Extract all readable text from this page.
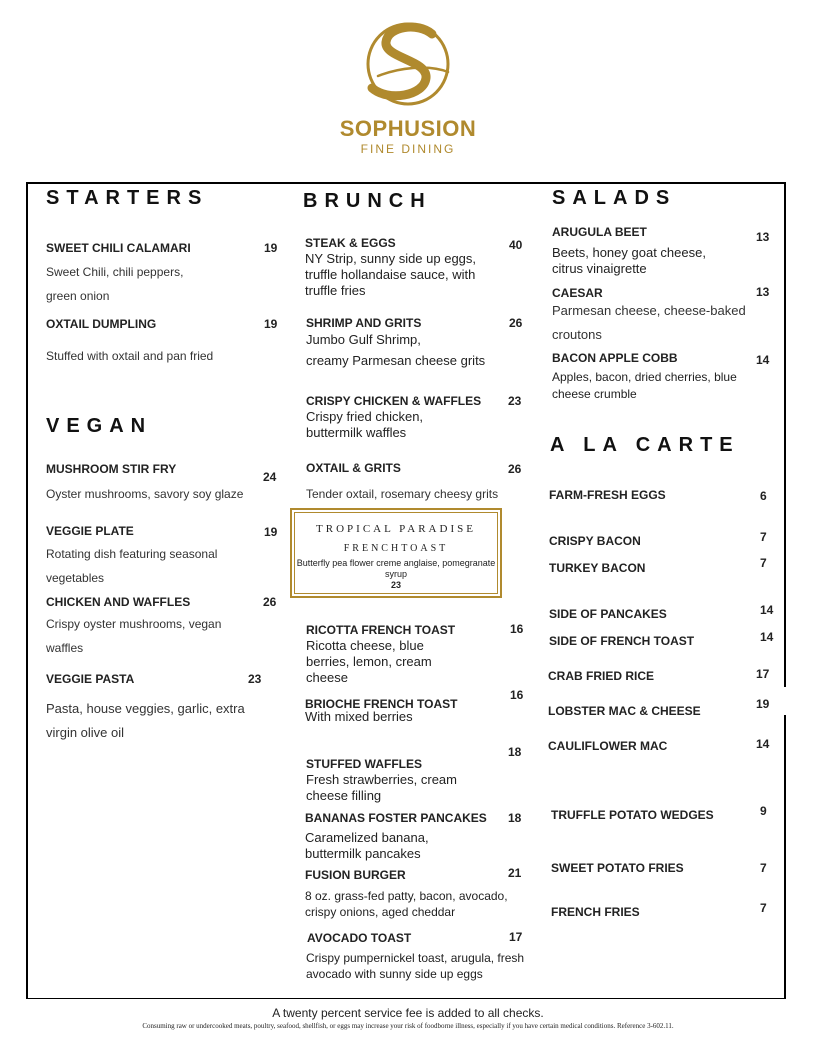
SOPHUSION
FINE DINING
STARTERS
SWEET CHILI CALAMARI	19
Sweet Chili, chili peppers, green onion
OXTAIL DUMPLING	19
Stuffed with oxtail and pan fried
VEGAN
MUSHROOM STIR FRY
24
Oyster mushrooms, savory soy glaze
VEGGIE PLATE	19
Rotating dish featuring seasonal vegetables
CHICKEN AND WAFFLES	26
Crispy oyster mushrooms, vegan waffles
VEGGIE PASTA	23
Pasta, house veggies, garlic, extra virgin olive oil
BRUNCH
STEAK & EGGS	40
NY Strip, sunny side up eggs, truffle hollandaise sauce, with truffle fries
SHRIMP AND GRITS	26
Jumbo Gulf Shrimp,
creamy Parmesan cheese grits
CRISPY CHICKEN & WAFFLES 23
Crispy fried chicken, buttermilk waffles
OXTAIL & GRITS	26
Tender oxtail, rosemary cheesy grits
TROPICAL PARADISE
FRENCHTOAST
Butterfly pea flower creme anglaise, pomegranate syrup
23
RICOTTA FRENCH TOAST	16
Ricotta cheese, blue berries, lemon, cream cheese
BRIOCHE FRENCH TOAST
16
With mixed berries
STUFFED WAFFLES
18
Fresh strawberries, cream cheese filling
BANANAS FOSTER PANCAKES 18
Caramelized banana, buttermilk pancakes
FUSION BURGER	21
8 oz. grass-fed patty, bacon, avocado, crispy onions, aged cheddar
AVOCADO TOAST	17
Crispy pumpernickel toast, arugula, fresh avocado with sunny side up eggs
SALADS
ARUGULA BEET	13
Beets, honey goat cheese, citrus vinaigrette
CAESAR	13
Parmesan cheese, cheese-baked croutons
BACON APPLE COBB	14
Apples, bacon, dried cherries, blue cheese crumble
A LA CARTE
FARM-FRESH EGGS	6
CRISPY BACON	7
TURKEY BACON	7
SIDE OF PANCAKES	14
SIDE OF FRENCH TOAST	14
CRAB FRIED RICE	17
LOBSTER MAC & CHEESE	19
CAULIFLOWER MAC	14
TRUFFLE POTATO WEDGES	9
SWEET POTATO FRIES	7
FRENCH FRIES	7
A twenty percent service fee is added to all checks.
Consuming raw or undercooked meats, poultry, seafood, shellfish, or eggs may increase your risk of foodborne illness, especially if you have certain medical conditions. Reference 3-602.11.
